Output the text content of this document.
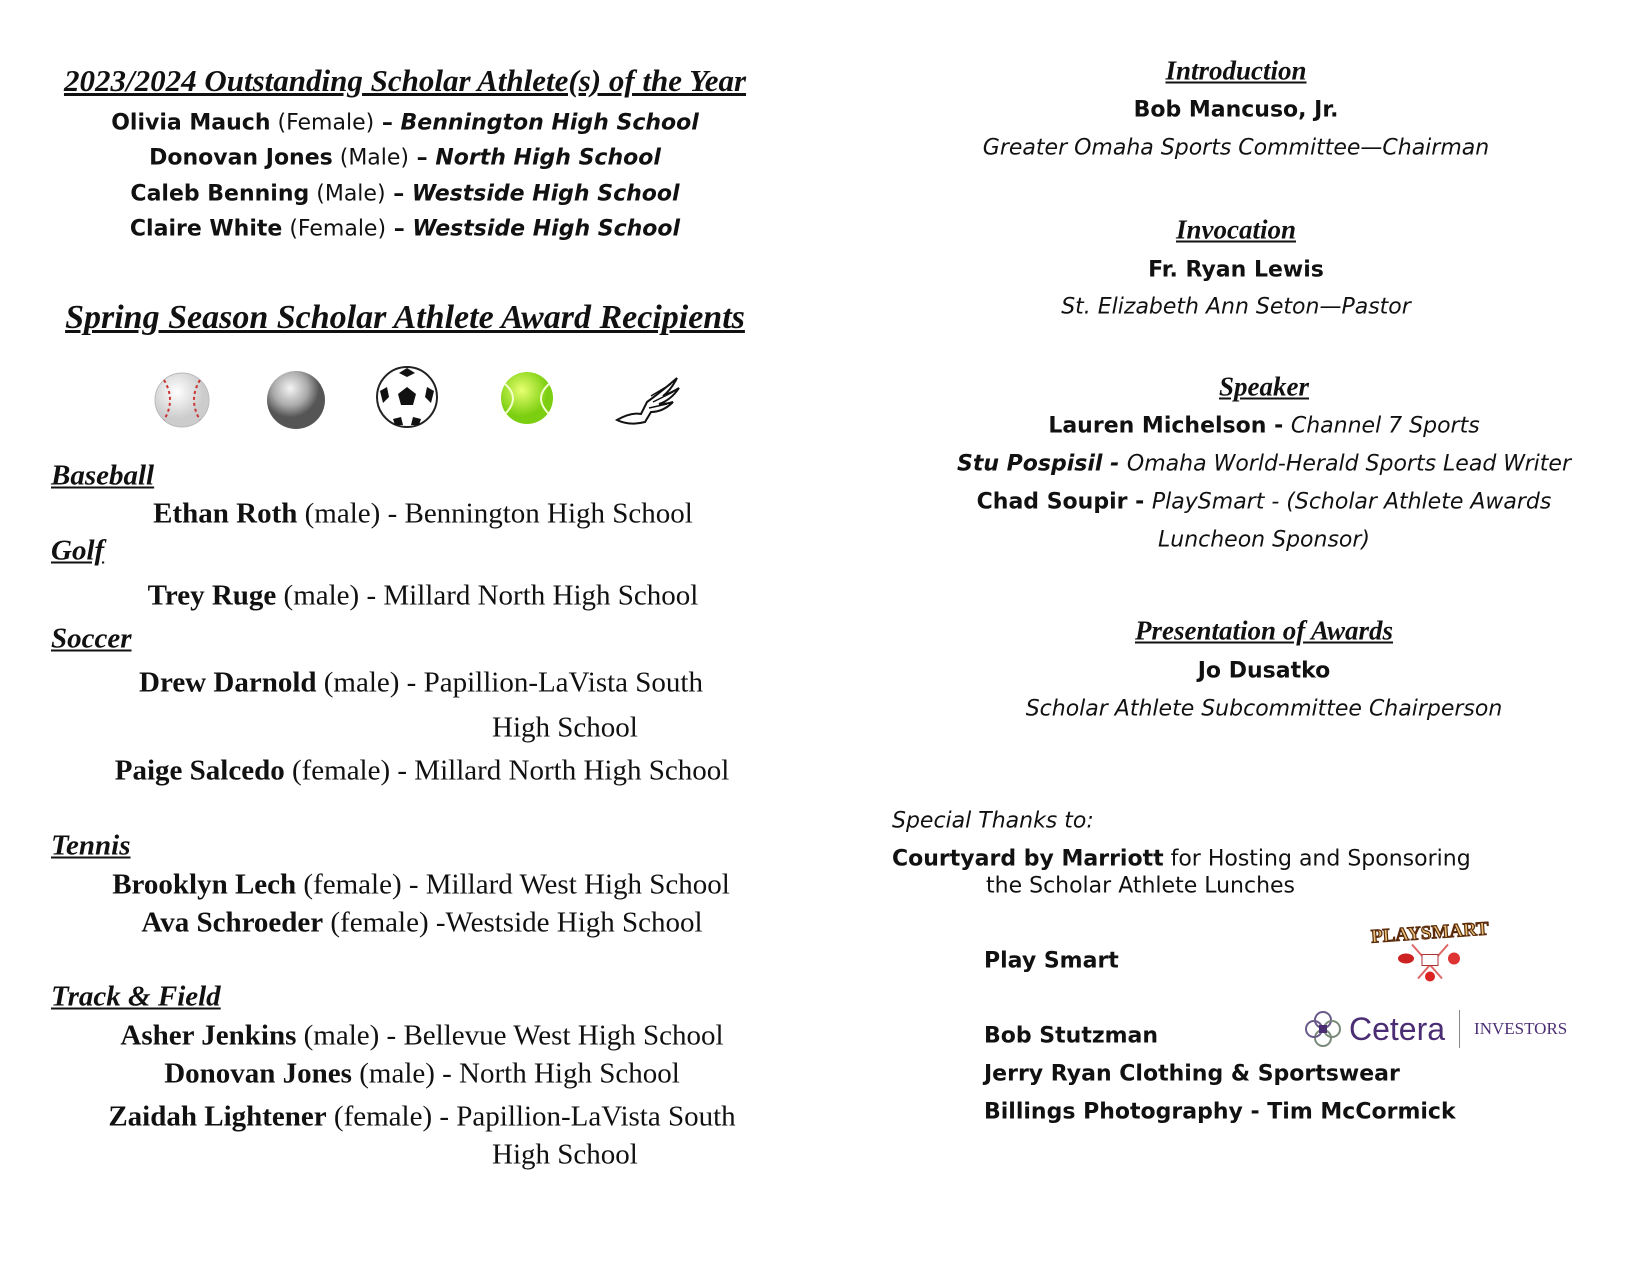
2023/2024 Outstanding Scholar Athlete(s) of the Year
Olivia Mauch (Female) – Bennington High School
Donovan Jones (Male) – North High School
Caleb Benning (Male) – Westside High School
Claire White (Female) – Westside High School
Spring Season Scholar Athlete Award Recipients
Baseball
Ethan Roth (male) - Bennington High School
Golf
Trey Ruge (male) - Millard North High School
Soccer
Drew Darnold (male) - Papillion-LaVista South
High School
Paige Salcedo (female) - Millard North High School
Tennis
Brooklyn Lech (female) - Millard West High School
Ava Schroeder (female) -Westside High School
Track & Field
Asher Jenkins (male) - Bellevue West High School
Donovan Jones (male) - North High School
Zaidah Lightener (female) - Papillion-LaVista South
High School
Introduction
Bob Mancuso, Jr.
Greater Omaha Sports Committee—Chairman
Invocation
Fr. Ryan Lewis
St. Elizabeth Ann Seton—Pastor
Speaker
Lauren Michelson - Channel 7 Sports
Stu Pospisil - Omaha World-Herald Sports Lead Writer
Chad Soupir - PlaySmart - (Scholar Athlete Awards
Luncheon Sponsor)
Presentation of Awards
Jo Dusatko
Scholar Athlete Subcommittee Chairperson
Special Thanks to:
Courtyard by Marriott for Hosting and Sponsoring
the Scholar Athlete Lunches
Play Smart
PLAYSMART
Bob Stutzman	Cetera INVESTORS
Jerry Ryan Clothing & Sportswear
Billings Photography - Tim McCormick
